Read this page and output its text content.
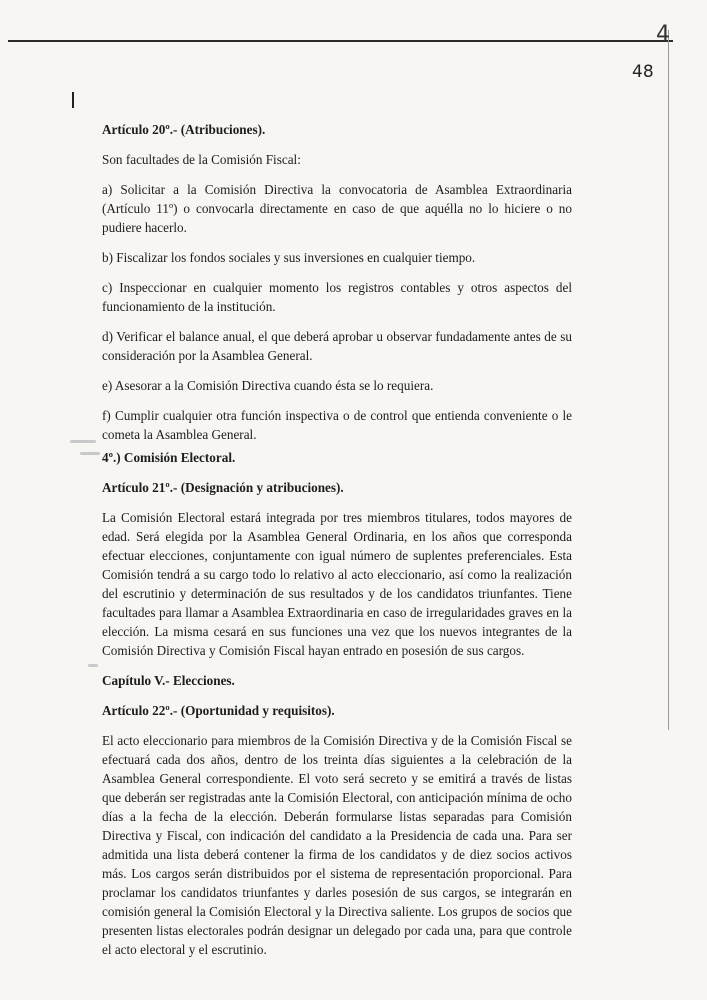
4
48

Artículo 20º.- (Atribuciones).

Son facultades de la Comisión Fiscal:

a) Solicitar a la Comisión Directiva la convocatoria de Asamblea Extraordinaria (Artículo 11º) o convocarla directamente en caso de que aquélla no lo hiciere o no pudiere hacerlo.

b) Fiscalizar los fondos sociales y sus inversiones en cualquier tiempo.

c) Inspeccionar en cualquier momento los registros contables y otros aspectos del funcionamiento de la institución.

d) Verificar el balance anual, el que deberá aprobar u observar fundadamente antes de su consideración por la Asamblea General.

e) Asesorar a la Comisión Directiva cuando ésta se lo requiera.

f) Cumplir cualquier otra función inspectiva o de control que entienda conveniente o le cometa la Asamblea General.

4º.) Comisión Electoral.

Artículo 21º.- (Designación y atribuciones).

La Comisión Electoral estará integrada por tres miembros titulares, todos mayores de edad. Será elegida por la Asamblea General Ordinaria, en los años que corresponda efectuar elecciones, conjuntamente con igual número de suplentes preferenciales. Esta Comisión tendrá a su cargo todo lo relativo al acto eleccionario, así como la realización del escrutinio y determinación de sus resultados y de los candidatos triunfantes. Tiene facultades para llamar a Asamblea Extraordinaria en caso de irregularidades graves en la elección. La misma cesará en sus funciones una vez que los nuevos integrantes de la Comisión Directiva y Comisión Fiscal hayan entrado en posesión de sus cargos.

Capítulo V.- Elecciones.

Artículo 22º.- (Oportunidad y requisitos).

El acto eleccionario para miembros de la Comisión Directiva y de la Comisión Fiscal se efectuará cada dos años, dentro de los treinta días siguientes a la celebración de la Asamblea General correspondiente. El voto será secreto y se emitirá a través de listas que deberán ser registradas ante la Comisión Electoral, con anticipación mínima de ocho días a la fecha de la elección. Deberán formularse listas separadas para Comisión Directiva y Fiscal, con indicación del candidato a la Presidencia de cada una. Para ser admitida una lista deberá contener la firma de los candidatos y de diez socios activos más. Los cargos serán distribuidos por el sistema de representación proporcional. Para proclamar los candidatos triunfantes y darles posesión de sus cargos, se integrarán en comisión general la Comisión Electoral y la Directiva saliente. Los grupos de socios que presenten listas electorales podrán designar un delegado por cada una, para que controle el acto electoral y el escrutinio.
